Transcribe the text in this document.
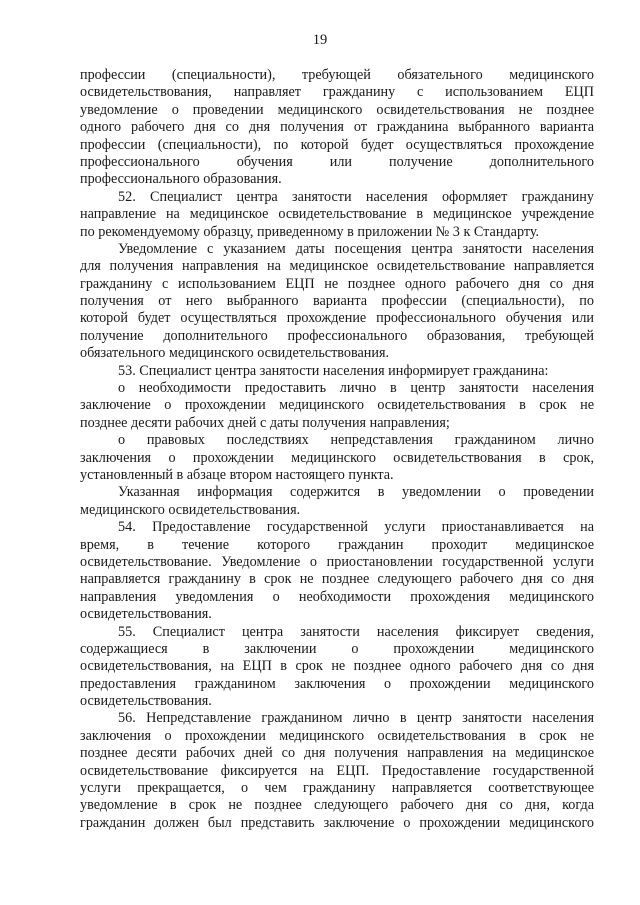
19
профессии (специальности), требующей обязательного медицинского
освидетельствования, направляет гражданину с использованием ЕЦП
уведомление о проведении медицинского освидетельствования не позднее
одного рабочего дня со дня получения от гражданина выбранного варианта
профессии (специальности), по которой будет осуществляться прохождение
профессионального обучения или получение дополнительного
профессионального образования.
52. Специалист центра занятости населения оформляет гражданину
направление на медицинское освидетельствование в медицинское учреждение
по рекомендуемому образцу, приведенному в приложении № 3 к Стандарту.
Уведомление с указанием даты посещения центра занятости населения
для получения направления на медицинское освидетельствование направляется
гражданину с использованием ЕЦП не позднее одного рабочего дня со дня
получения от него выбранного варианта профессии (специальности), по
которой будет осуществляться прохождение профессионального обучения или
получение дополнительного профессионального образования, требующей
обязательного медицинского освидетельствования.
53. Специалист центра занятости населения информирует гражданина:
о необходимости предоставить лично в центр занятости населения
заключение о прохождении медицинского освидетельствования в срок не
позднее десяти рабочих дней с даты получения направления;
о правовых последствиях непредставления гражданином лично
заключения о прохождении медицинского освидетельствования в срок,
установленный в абзаце втором настоящего пункта.
Указанная информация содержится в уведомлении о проведении
медицинского освидетельствования.
54. Предоставление государственной услуги приостанавливается на
время, в течение которого гражданин проходит медицинское
освидетельствование. Уведомление о приостановлении государственной услуги
направляется гражданину в срок не позднее следующего рабочего дня со дня
направления уведомления о необходимости прохождения медицинского
освидетельствования.
55. Специалист центра занятости населения фиксирует сведения,
содержащиеся в заключении о прохождении медицинского
освидетельствования, на ЕЦП в срок не позднее одного рабочего дня со дня
предоставления гражданином заключения о прохождении медицинского
освидетельствования.
56. Непредставление гражданином лично в центр занятости населения
заключения о прохождении медицинского освидетельствования в срок не
позднее десяти рабочих дней со дня получения направления на медицинское
освидетельствование фиксируется на ЕЦП. Предоставление государственной
услуги прекращается, о чем гражданину направляется соответствующее
уведомление в срок не позднее следующего рабочего дня со дня, когда
гражданин должен был представить заключение о прохождении медицинского
